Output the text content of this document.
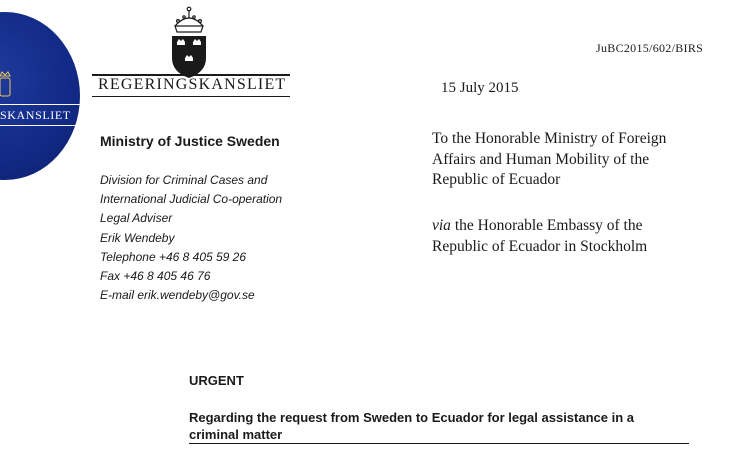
SKANSLIET
REGERINGSKANSLIET
JuBC2015/602/BIRS
15 July 2015
Ministry of Justice Sweden
Division for Criminal Cases and
International Judicial Co-operation
Legal Adviser
Erik Wendeby
Telephone +46 8 405 59 26
Fax +46 8 405 46 76
E-mail erik.wendeby@gov.se
To the Honorable Ministry of Foreign
Affairs and Human Mobility of the
Republic of Ecuador
via the Honorable Embassy of the
Republic of Ecuador in Stockholm
URGENT
Regarding the request from Sweden to Ecuador for legal assistance in a
criminal matter
